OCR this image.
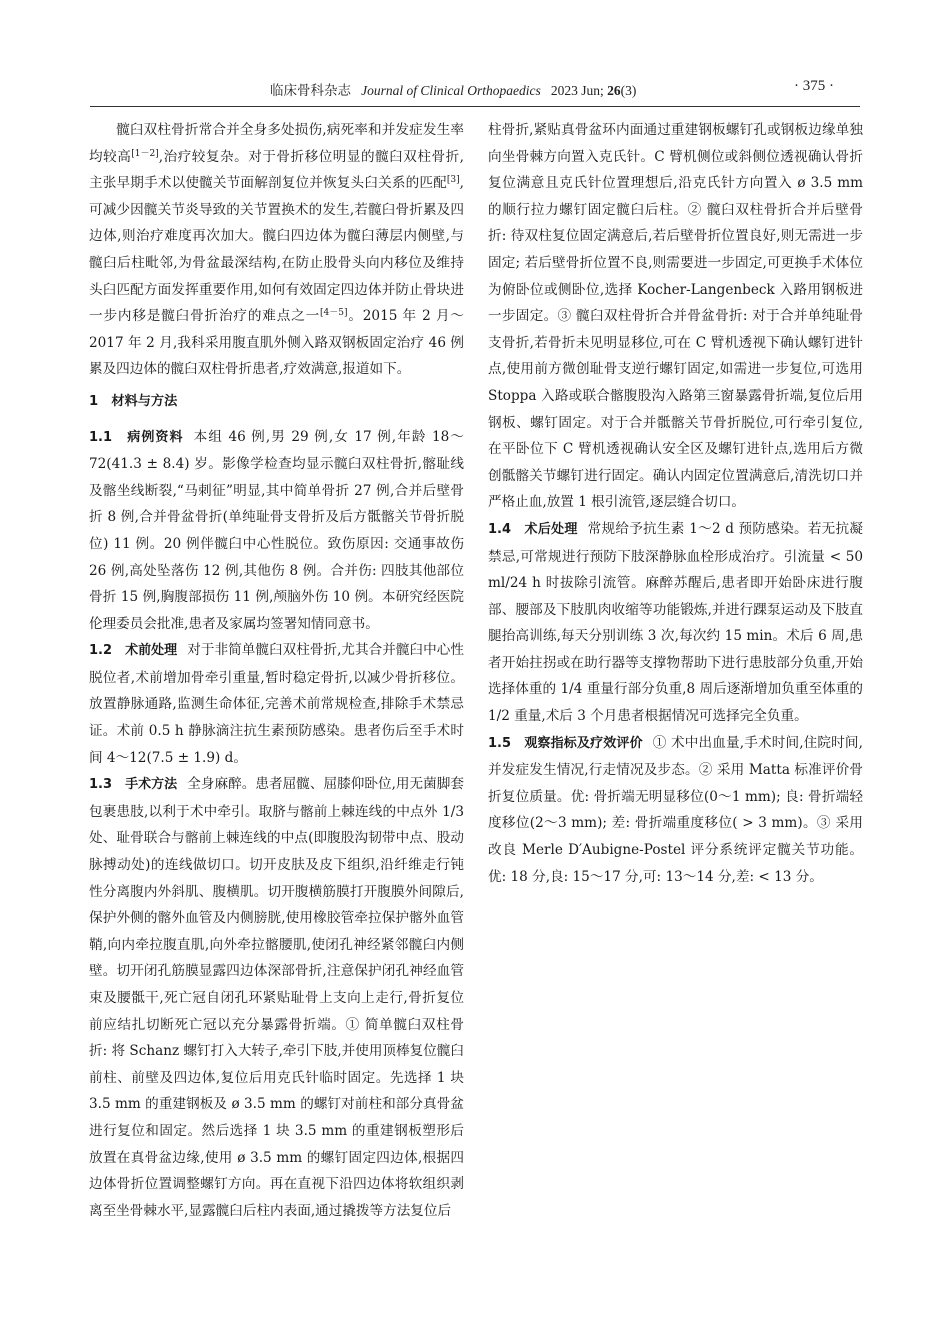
临床骨科杂志 Journal of Clinical Orthopaedics 2023 Jun; 26(3)	· 375 ·

髋臼双柱骨折常合并全身多处损伤,病死率和并发症发生率均较高[1－2],治疗较复杂。对于骨折移位明显的髋臼双柱骨折,主张早期手术以使髋关节面解剖复位并恢复头臼关系的匹配[3],可减少因髋关节炎导致的关节置换术的发生,若髋臼骨折累及四边体,则治疗难度再次加大。髋臼四边体为髋臼薄层内侧壁,与髋臼后柱毗邻,为骨盆最深结构,在防止股骨头向内移位及维持头臼匹配方面发挥重要作用,如何有效固定四边体并防止骨块进一步内移是髋臼骨折治疗的难点之一[4－5]。2015 年 2 月～2017 年 2 月,我科采用腹直肌外侧入路双钢板固定治疗 46 例累及四边体的髋臼双柱骨折患者,疗效满意,报道如下。

1　材料与方法

1.1　病例资料 本组 46 例,男 29 例,女 17 例,年龄 18～72(41.3 ± 8.4) 岁。影像学检查均显示髋臼双柱骨折,髂耻线及髂坐线断裂,“马刺征”明显,其中简单骨折 27 例,合并后壁骨折 8 例,合并骨盆骨折(单纯耻骨支骨折及后方骶髂关节骨折脱位) 11 例。20 例伴髋臼中心性脱位。致伤原因: 交通事故伤 26 例,高处坠落伤 12 例,其他伤 8 例。合并伤: 四肢其他部位骨折 15 例,胸腹部损伤 11 例,颅脑外伤 10 例。本研究经医院伦理委员会批准,患者及家属均签署知情同意书。

1.2　术前处理 对于非简单髋臼双柱骨折,尤其合并髋臼中心性脱位者,术前增加骨牵引重量,暂时稳定骨折,以减少骨折移位。放置静脉通路,监测生命体征,完善术前常规检查,排除手术禁忌证。术前 0.5 h 静脉滴注抗生素预防感染。患者伤后至手术时间 4～12(7.5 ± 1.9) d。

1.3　手术方法 全身麻醉。患者屈髋、屈膝仰卧位,用无菌脚套包裹患肢,以利于术中牵引。取脐与髂前上棘连线的中点外 1/3 处、耻骨联合与髂前上棘连线的中点(即腹股沟韧带中点、股动脉搏动处)的连线做切口。切开皮肤及皮下组织,沿纤维走行钝性分离腹内外斜肌、腹横肌。切开腹横筋膜打开腹膜外间隙后,保护外侧的髂外血管及内侧膀胱,使用橡胶管牵拉保护髂外血管鞘,向内牵拉腹直肌,向外牵拉髂腰肌,使闭孔神经紧邻髋臼内侧壁。切开闭孔筋膜显露四边体深部骨折,注意保护闭孔神经血管束及腰骶干,死亡冠自闭孔环紧贴耻骨上支向上走行,骨折复位前应结扎切断死亡冠以充分暴露骨折端。① 简单髋臼双柱骨折: 将 Schanz 螺钉打入大转子,牵引下肢,并使用顶棒复位髋臼前柱、前壁及四边体,复位后用克氏针临时固定。先选择 1 块 3.5 mm 的重建钢板及 ø 3.5 mm 的螺钉对前柱和部分真骨盆进行复位和固定。然后选择 1 块 3.5 mm 的重建钢板塑形后放置在真骨盆边缘,使用 ø 3.5 mm 的螺钉固定四边体,根据四边体骨折位置调整螺钉方向。再在直视下沿四边体将软组织剥离至坐骨棘水平,显露髋臼后柱内表面,通过撬拨等方法复位后

柱骨折,紧贴真骨盆环内面通过重建钢板螺钉孔或钢板边缘单独向坐骨棘方向置入克氏针。C 臂机侧位或斜侧位透视确认骨折复位满意且克氏针位置理想后,沿克氏针方向置入 ø 3.5 mm 的顺行拉力螺钉固定髋臼后柱。② 髋臼双柱骨折合并后壁骨折: 待双柱复位固定满意后,若后壁骨折位置良好,则无需进一步固定; 若后壁骨折位置不良,则需要进一步固定,可更换手术体位为俯卧位或侧卧位,选择 Kocher-Langenbeck 入路用钢板进一步固定。③ 髋臼双柱骨折合并骨盆骨折: 对于合并单纯耻骨支骨折,若骨折未见明显移位,可在 C 臂机透视下确认螺钉进针点,使用前方微创耻骨支逆行螺钉固定,如需进一步复位,可选用 Stoppa 入路或联合髂腹股沟入路第三窗暴露骨折端,复位后用钢板、螺钉固定。对于合并骶髂关节骨折脱位,可行牵引复位,在平卧位下 C 臂机透视确认安全区及螺钉进针点,选用后方微创骶髂关节螺钉进行固定。确认内固定位置满意后,清洗切口并严格止血,放置 1 根引流管,逐层缝合切口。

1.4　术后处理 常规给予抗生素 1～2 d 预防感染。若无抗凝禁忌,可常规进行预防下肢深静脉血栓形成治疗。引流量 < 50 ml/24 h 时拔除引流管。麻醉苏醒后,患者即开始卧床进行腹部、腰部及下肢肌肉收缩等功能锻炼,并进行踝泵运动及下肢直腿抬高训练,每天分别训练 3 次,每次约 15 min。术后 6 周,患者开始拄拐或在助行器等支撑物帮助下进行患肢部分负重,开始选择体重的 1/4 重量行部分负重,8 周后逐渐增加负重至体重的 1/2 重量,术后 3 个月患者根据情况可选择完全负重。

1.5　观察指标及疗效评价 ① 术中出血量,手术时间,住院时间,并发症发生情况,行走情况及步态。② 采用 Matta 标准评价骨折复位质量。优: 骨折端无明显移位(0～1 mm); 良: 骨折端轻度移位(2～3 mm); 差: 骨折端重度移位( > 3 mm)。③ 采用改良 Merle D′Aubigne-Postel 评分系统评定髋关节功能。优: 18 分,良: 15～17 分,可: 13～14 分,差: < 13 分。
